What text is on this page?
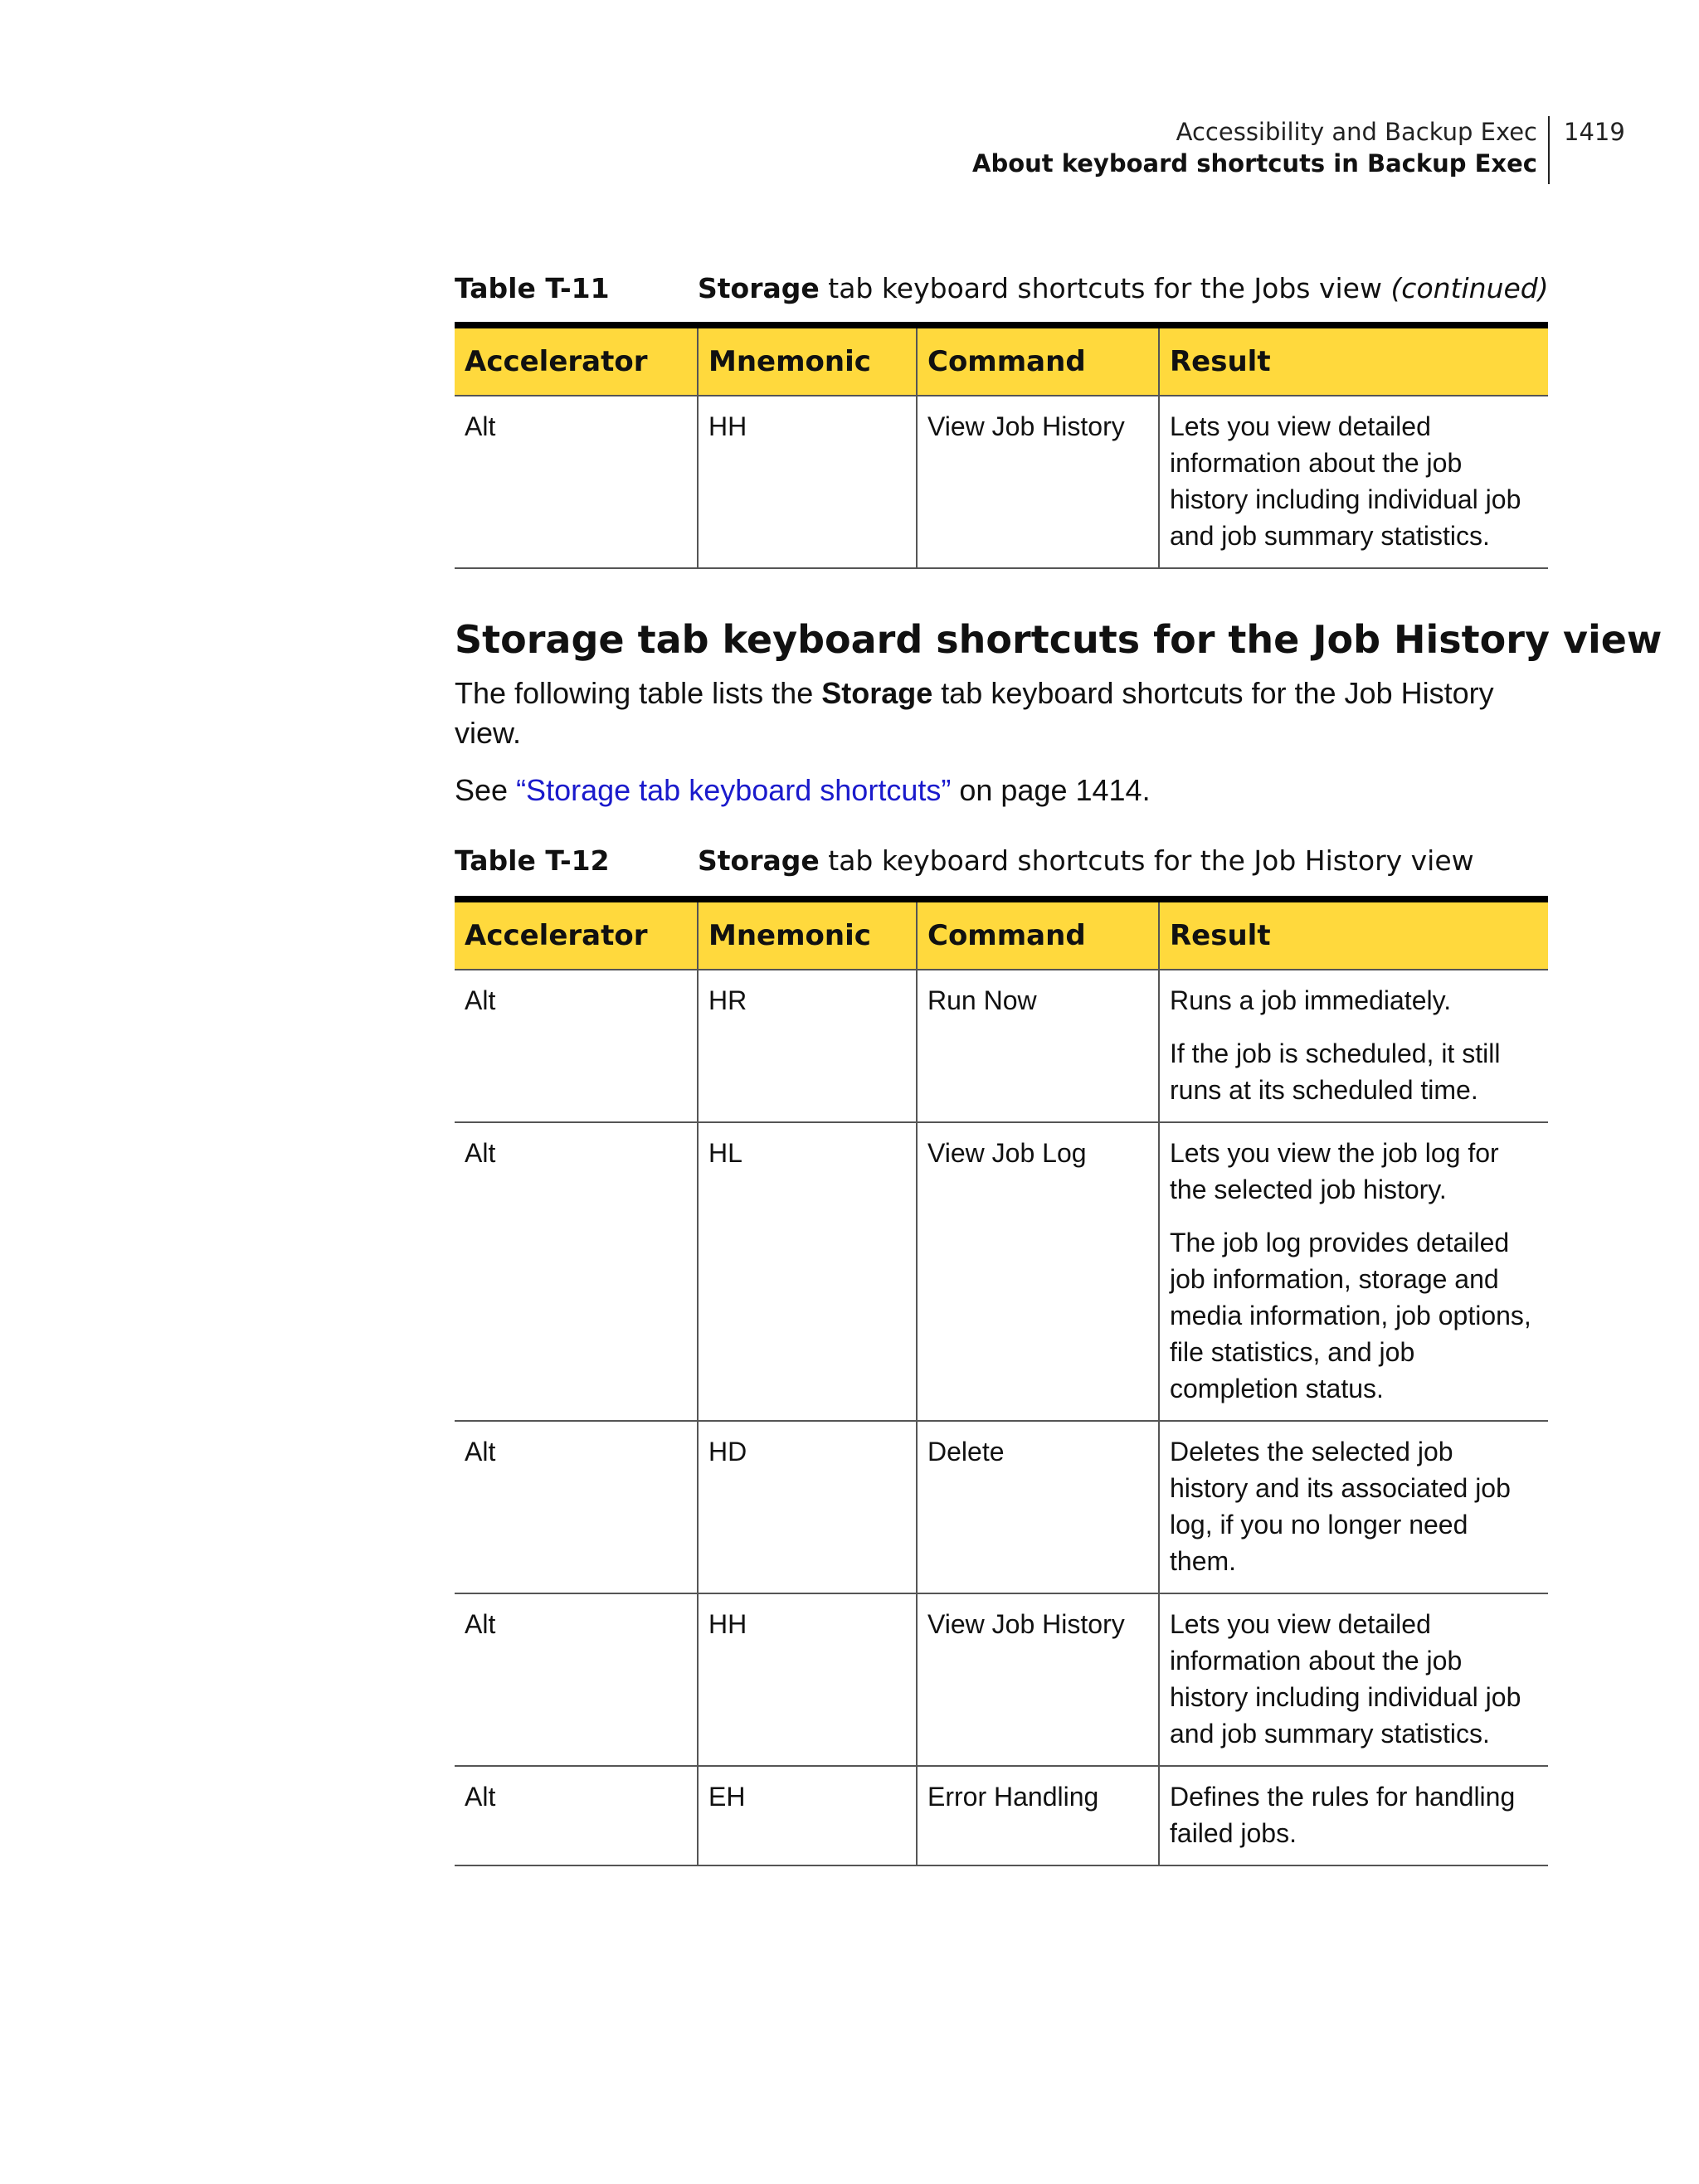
Accessibility and Backup Exec
About keyboard shortcuts in Backup Exec
1419
Table T-11	Storage tab keyboard shortcuts for the Jobs view (continued)
Accelerator	Mnemonic	Command	Result
Alt	HH	View Job History	Lets you view detailed information about the job history including individual job and job summary statistics.

Storage tab keyboard shortcuts for the Job History view
The following table lists the Storage tab keyboard shortcuts for the Job History view.
See “Storage tab keyboard shortcuts” on page 1414.
Table T-12	Storage tab keyboard shortcuts for the Job History view
Accelerator	Mnemonic	Command	Result
Alt	HR	Run Now	Runs a job immediately.

If the job is scheduled, it still runs at its scheduled time.

Alt	HL	View Job Log	Lets you view the job log for the selected job history.

The job log provides detailed job information, storage and media information, job options, file statistics, and job completion status.

Alt	HD	Delete	Deletes the selected job history and its associated job log, if you no longer need them.

Alt	HH	View Job History	Lets you view detailed information about the job history including individual job and job summary statistics.

Alt	EH	Error Handling	Defines the rules for handling failed jobs.
